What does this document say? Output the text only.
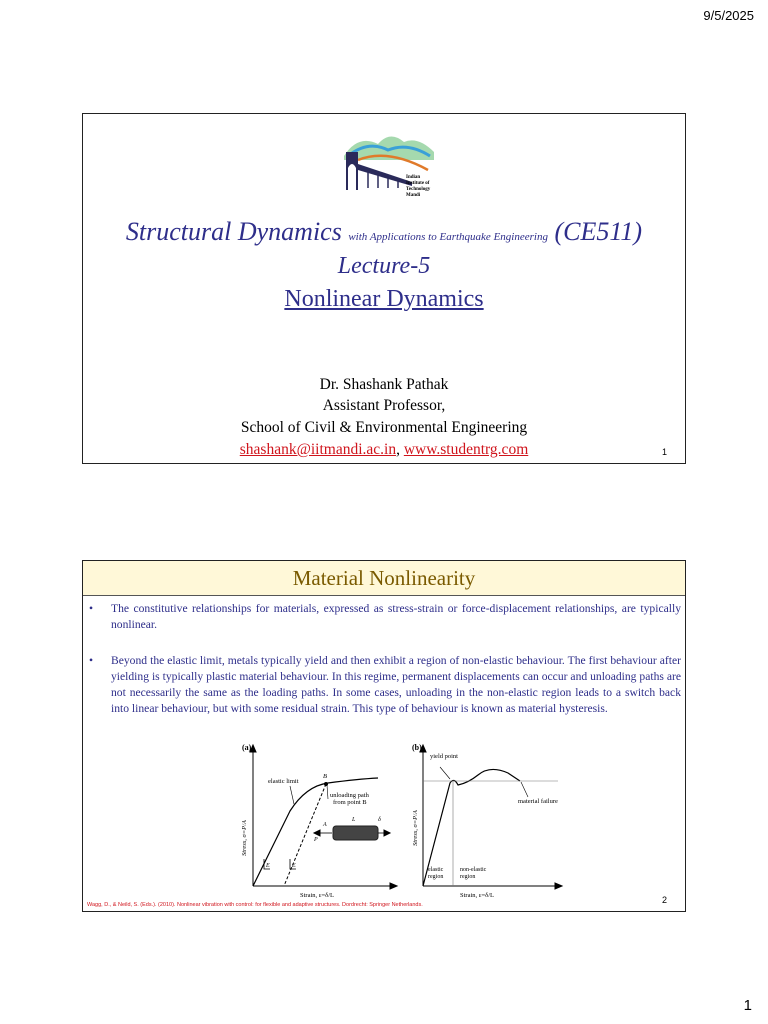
9/5/2025
Indian
Institute of
Technology
Mandi
Structural Dynamics with Applications to Earthquake Engineering (CE511)
Lecture-5
Nonlinear Dynamics
Dr. Shashank Pathak
Assistant Professor,
School of Civil & Environmental Engineering
shashank@iitmandi.ac.in, www.studentrg.com	1
Material Nonlinearity
• The constitutive relationships for materials, expressed as stress-strain or force-displacement relationships, are typically nonlinear.
• Beyond the elastic limit, metals typically yield and then exhibit a region of non-elastic behaviour. The first behaviour after yielding is typically plastic material behaviour. In this regime, permanent displacements can occur and unloading paths are not necessarily the same as the loading paths. In some cases, unloading in the non-elastic region leads to a switch back into linear behaviour, but with some residual strain. This type of behaviour is known as material hysteresis.
(a)
Stress, σ=P/A
Strain, ε=δ/L
elastic limit
B
unloading path
from point B
A
P
L	δ
E	E
(b)
Stress, σ=P/A
Strain, ε=δ/L
yield point
material failure
elastic
region
non-elastic
region
Wagg, D., & Neild, S. (Eds.). (2010). Nonlinear vibration with control: for flexible and adaptive structures. Dordrecht: Springer Netherlands.	2
1
